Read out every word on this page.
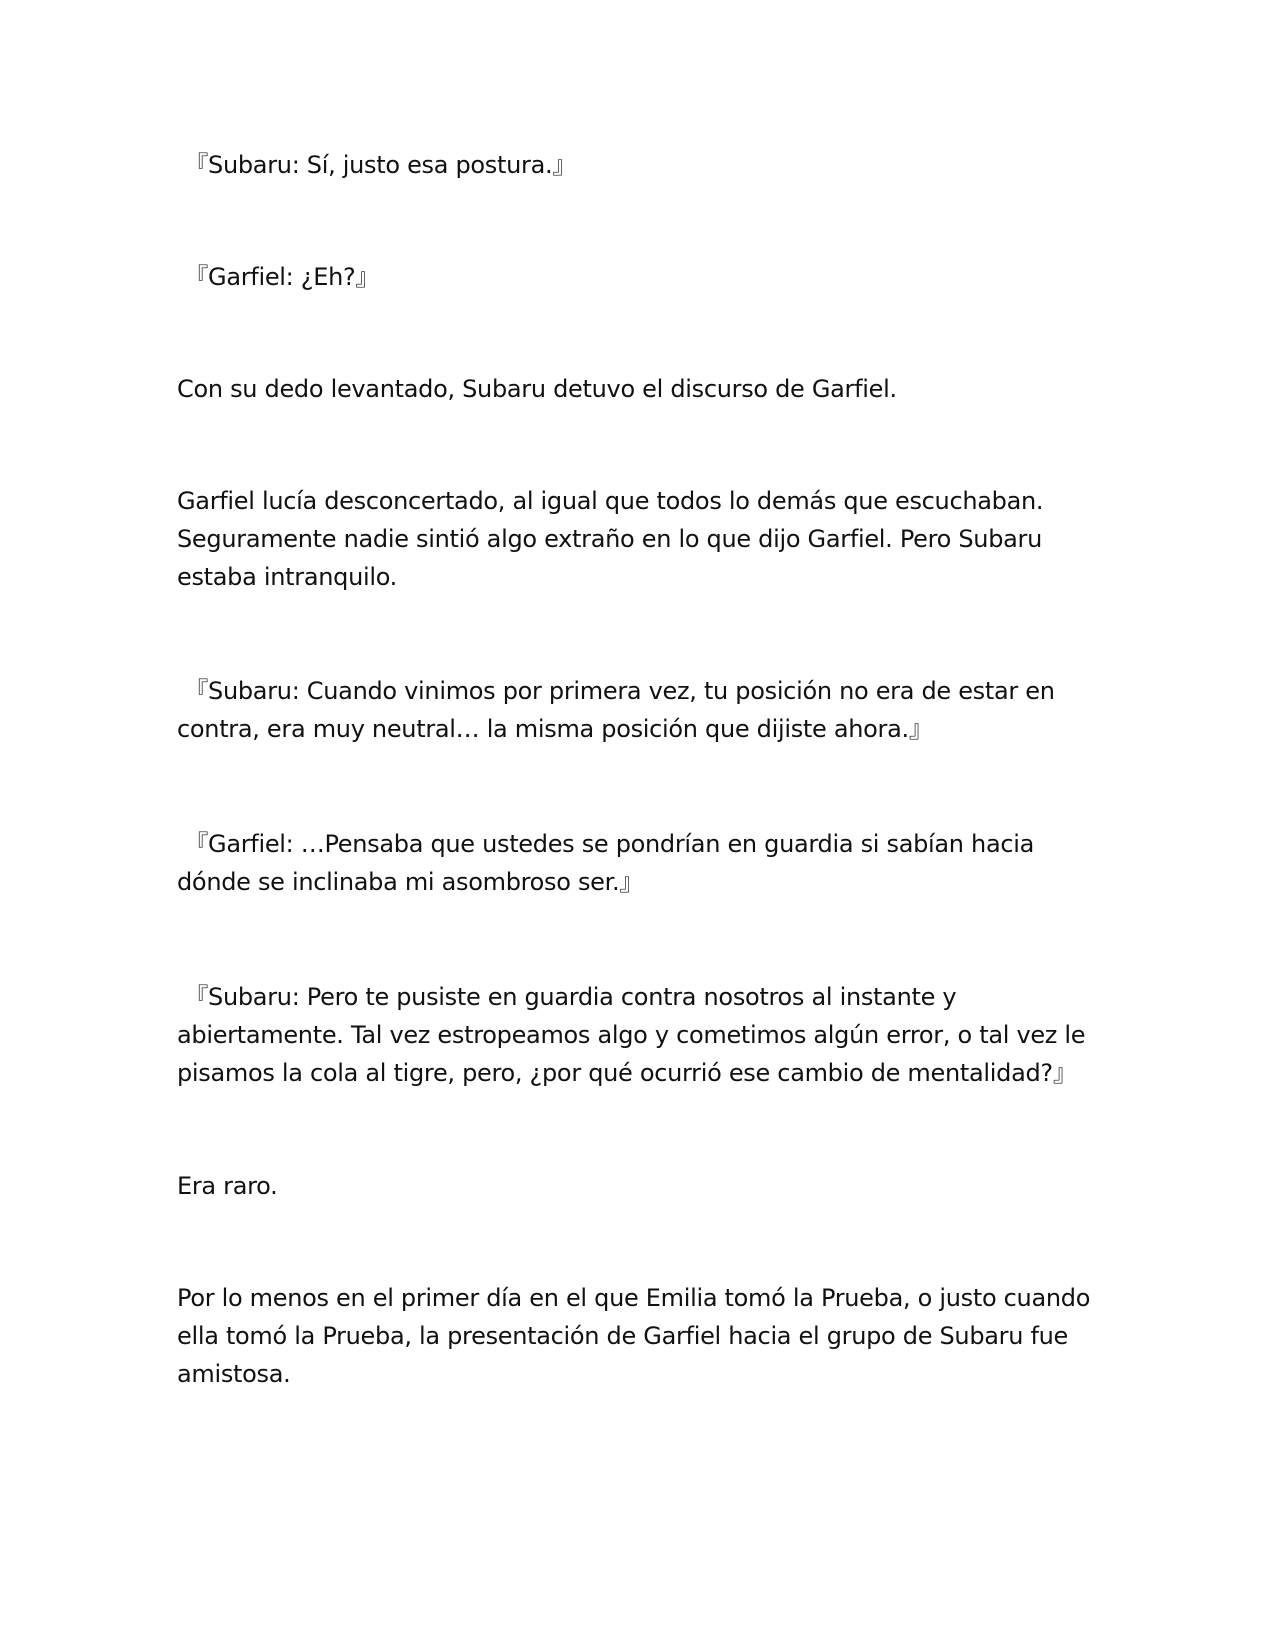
『Subaru: Sí, justo esa postura.』

『Garfiel: ¿Eh?』

Con su dedo levantado, Subaru detuvo el discurso de Garfiel.

Garfiel lucía desconcertado, al igual que todos lo demás que escuchaban. Seguramente nadie sintió algo extraño en lo que dijo Garfiel. Pero Subaru estaba intranquilo.

『Subaru: Cuando vinimos por primera vez, tu posición no era de estar en contra, era muy neutral… la misma posición que dijiste ahora.』

『Garfiel: …Pensaba que ustedes se pondrían en guardia si sabían hacia dónde se inclinaba mi asombroso ser.』

『Subaru: Pero te pusiste en guardia contra nosotros al instante y abiertamente. Tal vez estropeamos algo y cometimos algún error, o tal vez le pisamos la cola al tigre, pero, ¿por qué ocurrió ese cambio de mentalidad?』

Era raro.

Por lo menos en el primer día en el que Emilia tomó la Prueba, o justo cuando ella tomó la Prueba, la presentación de Garfiel hacia el grupo de Subaru fue amistosa.
